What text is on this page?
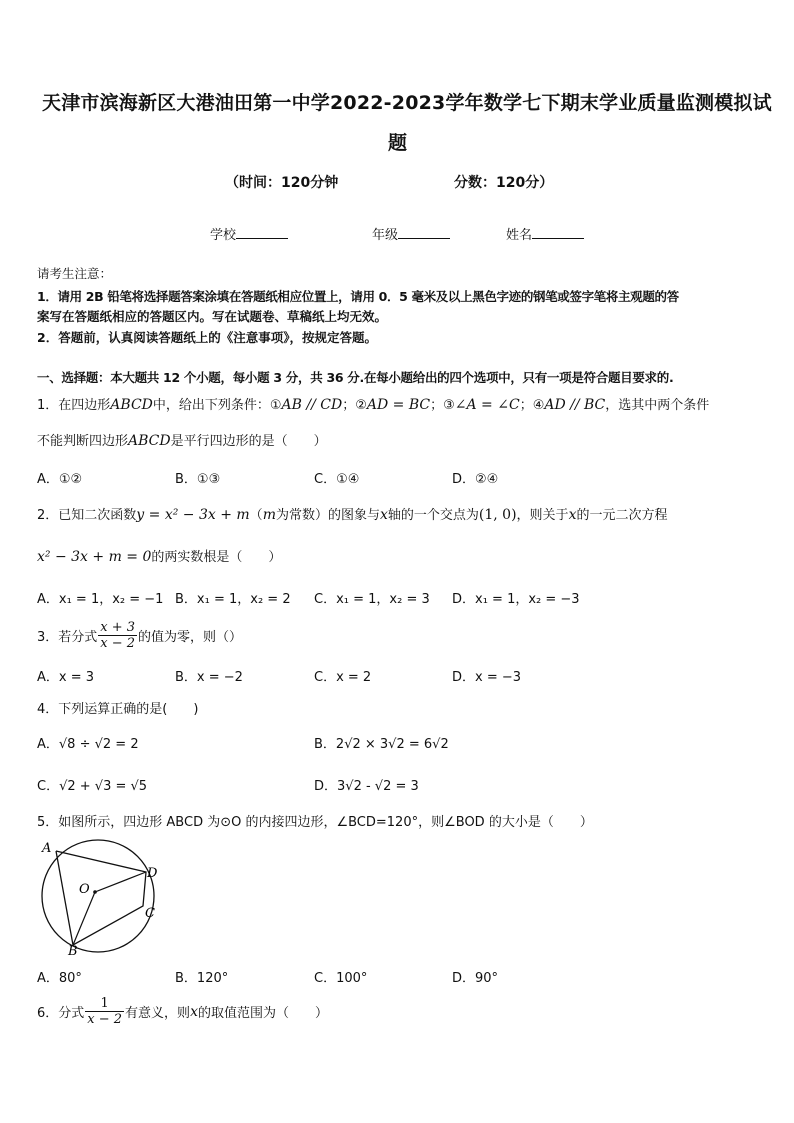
天津市滨海新区大港油田第一中学2022-2023学年数学七下期末学业质量监测模拟试
题
（时间：120分钟	分数：120分）
学校	年级	姓名
请考生注意：
1．请用 2B 铅笔将选择题答案涂填在答题纸相应位置上，请用 0．5 毫米及以上黑色字迹的钢笔或签字笔将主观题的答
案写在答题纸相应的答题区内。写在试题卷、草稿纸上均无效。
2．答题前，认真阅读答题纸上的《注意事项》，按规定答题。
一、选择题：本大题共 12 个小题，每小题 3 分，共 36 分.在每小题给出的四个选项中，只有一项是符合题目要求的.
1．在四边形ABCD中，给出下列条件：①AB // CD；②AD = BC；③∠A = ∠C；④AD // BC，选其中两个条件
不能判断四边形ABCD是平行四边形的是（　　）
A．①②	B．①③	C．①④	D．②④
2．已知二次函数y = x² − 3x + m（m为常数）的图象与x轴的一个交点为(1, 0)，则关于x的一元二次方程
x² − 3x + m = 0的两实数根是（　　）
A．x₁ = 1，x₂ = −1 B．x₁ = 1，x₂ = 2 C．x₁ = 1，x₂ = 3 D．x₁ = 1，x₂ = −3
3．若分式 $\frac{x + 3}{x - 2}$ 的值为零，则（）
A．x = 3	B．x = −2	C．x = 2	D．x = −3
4．下列运算正确的是(　　)
A．√8 ÷ √2 = 2	B．2√2 × 3√2 = 6√2
C．√2 + √3 = √5	D．3√2 - √2 = 3
5．如图所示，四边形 ABCD 为⊙O 的内接四边形，∠BCD=120°，则∠BOD 的大小是（　　）
A
D
O
C
B
A．80°	B．120°	C．100°	D．90°
6．分式 $\frac{1}{x - 2}$ 有意义，则 x 的取值范围为（　　）
